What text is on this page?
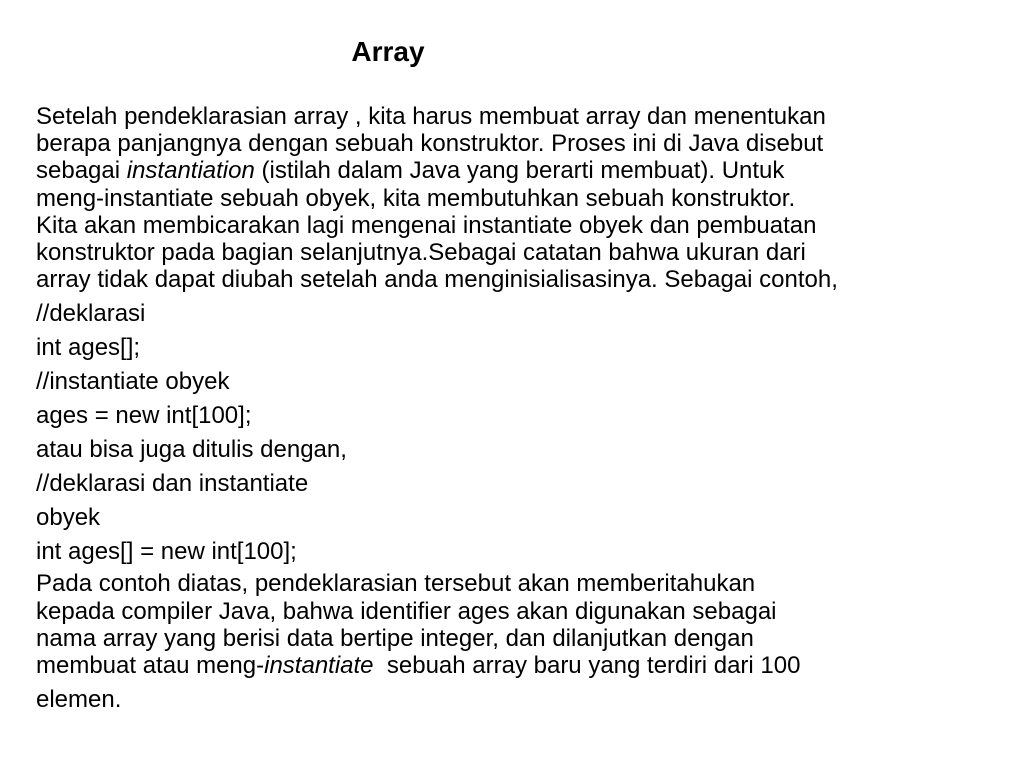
Array

Setelah pendeklarasian array , kita harus membuat array dan menentukan
berapa panjangnya dengan sebuah konstruktor. Proses ini di Java disebut
sebagai instantiation (istilah dalam Java yang berarti membuat). Untuk
meng-instantiate sebuah obyek, kita membutuhkan sebuah konstruktor.
Kita akan membicarakan lagi mengenai instantiate obyek dan pembuatan
konstruktor pada bagian selanjutnya.Sebagai catatan bahwa ukuran dari
array tidak dapat diubah setelah anda menginisialisasinya. Sebagai contoh,

//deklarasi

int ages[];

//instantiate obyek

ages = new int[100];

atau bisa juga ditulis dengan,

//deklarasi dan instantiate

obyek

int ages[] = new int[100];

Pada contoh diatas, pendeklarasian tersebut akan memberitahukan
kepada compiler Java, bahwa identifier ages akan digunakan sebagai
nama array yang berisi data bertipe integer, dan dilanjutkan dengan
membuat atau meng-instantiate  sebuah array baru yang terdiri dari 100
elemen.
